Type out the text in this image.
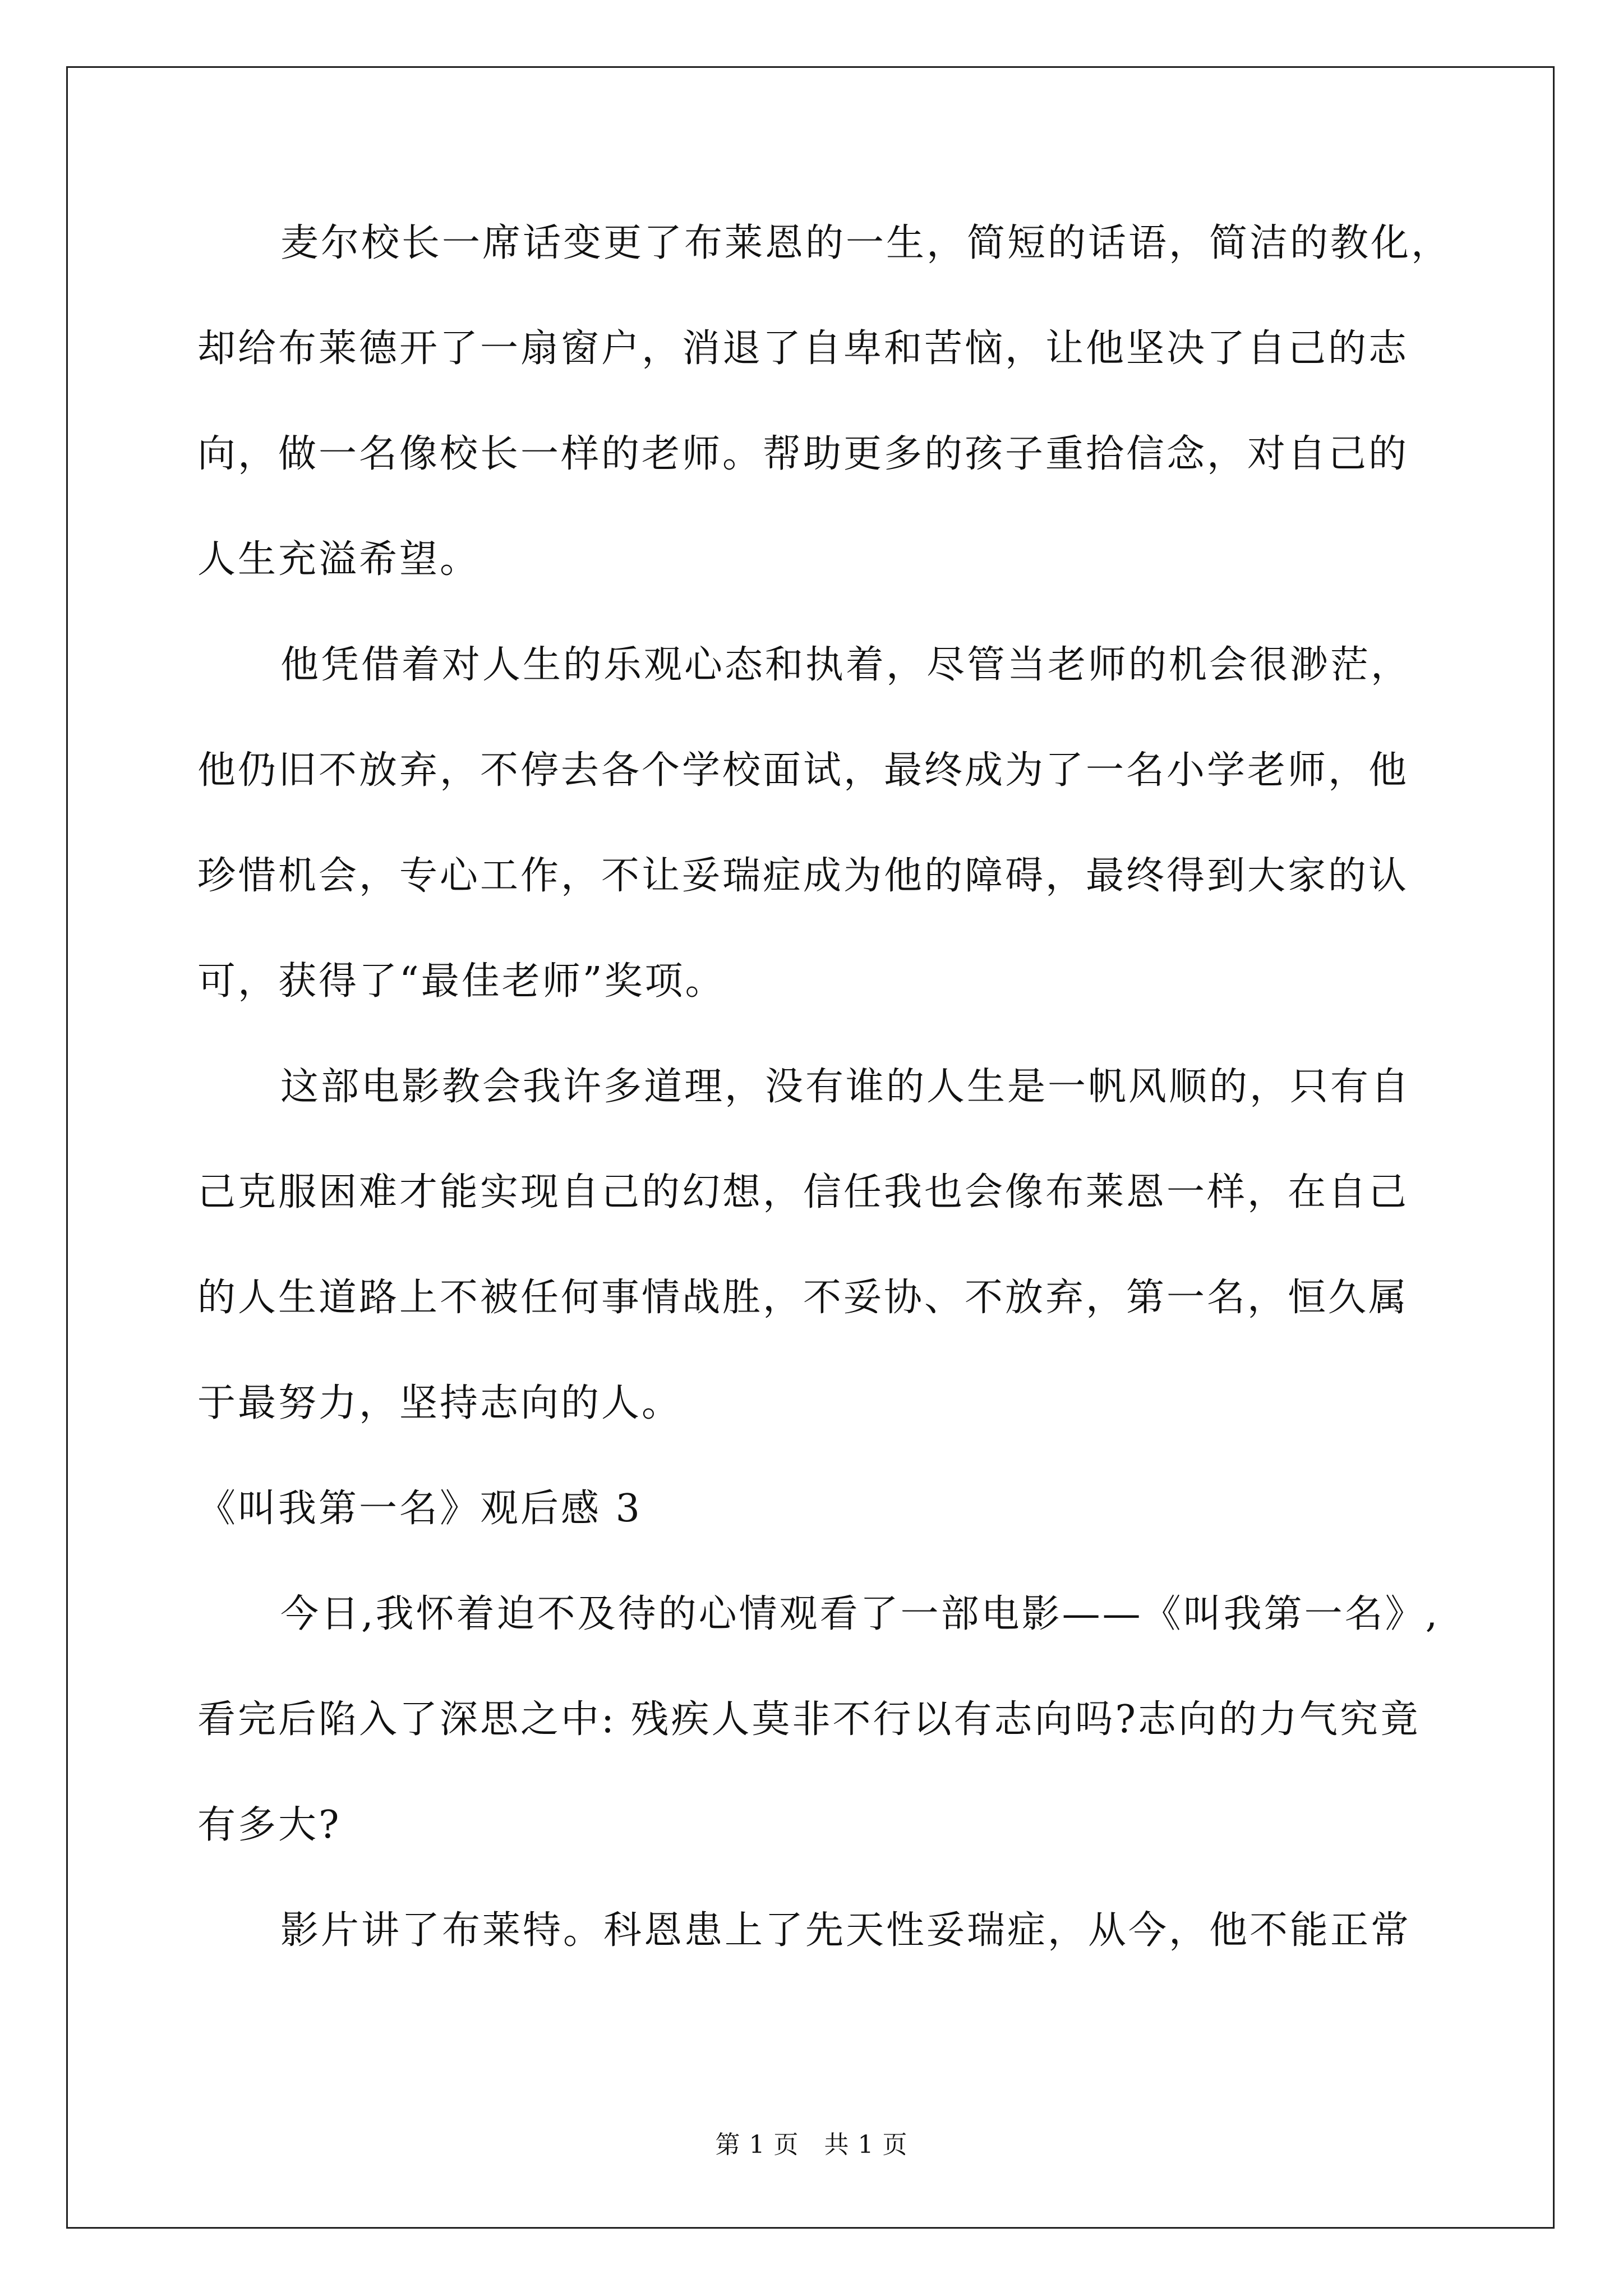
麦尔校长一席话变更了布莱恩的一生，简短的话语，简洁的教化，
却给布莱德开了一扇窗户，消退了自卑和苦恼，让他坚决了自己的志
向，做一名像校长一样的老师。帮助更多的孩子重拾信念，对自己的
人生充溢希望。
他凭借着对人生的乐观心态和执着，尽管当老师的机会很渺茫，
他仍旧不放弃，不停去各个学校面试，最终成为了一名小学老师，他
珍惜机会，专心工作，不让妥瑞症成为他的障碍，最终得到大家的认
可，获得了“最佳老师”奖项。
这部电影教会我许多道理，没有谁的人生是一帆风顺的，只有自
己克服困难才能实现自己的幻想，信任我也会像布莱恩一样，在自己
的人生道路上不被任何事情战胜，不妥协、不放弃，第一名，恒久属
于最努力，坚持志向的人。
《叫我第一名》观后感 3
今日,我怀着迫不及待的心情观看了一部电影——《叫我第一名》,
看完后陷入了深思之中: 残疾人莫非不行以有志向吗?志向的力气究竟
有多大?
影片讲了布莱特。科恩患上了先天性妥瑞症，从今，他不能正常
第 1 页　共 1 页
